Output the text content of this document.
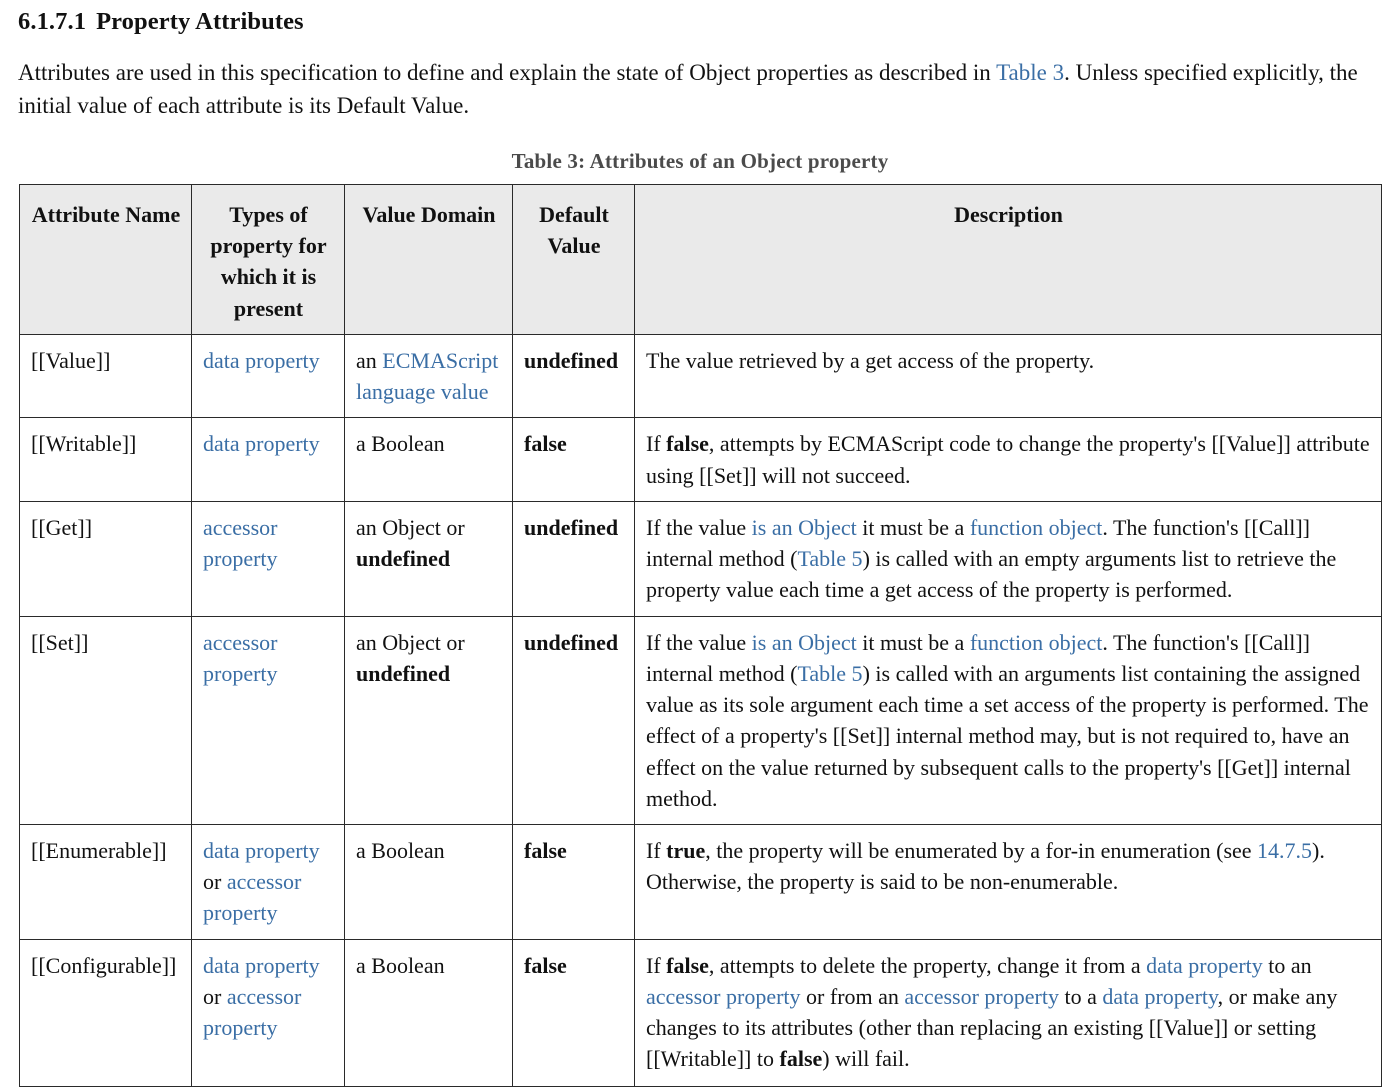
6.1.7.1 Property Attributes

Attributes are used in this specification to define and explain the state of Object properties as described in Table 3. Unless specified explicitly, the initial value of each attribute is its Default Value.

Table 3: Attributes of an Object property
Attribute Name	Types of property for which it is present	Value Domain	Default Value	Description
[[Value]]	data property	an ECMAScript language value	undefined	The value retrieved by a get access of the property.
[[Writable]]	data property	a Boolean	false	If false, attempts by ECMAScript code to change the property's [[Value]] attribute using [[Set]] will not succeed.
[[Get]]	accessor property	an Object or undefined	undefined	If the value is an Object it must be a function object. The function's [[Call]] internal method (Table 5) is called with an empty arguments list to retrieve the property value each time a get access of the property is performed.
[[Set]]	accessor property	an Object or undefined	undefined	If the value is an Object it must be a function object. The function's [[Call]] internal method (Table 5) is called with an arguments list containing the assigned value as its sole argument each time a set access of the property is performed. The effect of a property's [[Set]] internal method may, but is not required to, have an effect on the value returned by subsequent calls to the property's [[Get]] internal method.
[[Enumerable]]	data property or accessor property	a Boolean	false	If true, the property will be enumerated by a for-in enumeration (see 14.7.5). Otherwise, the property is said to be non-enumerable.
[[Configurable]]	data property or accessor property	a Boolean	false	If false, attempts to delete the property, change it from a data property to an accessor property or from an accessor property to a data property, or make any changes to its attributes (other than replacing an existing [[Value]] or setting [[Writable]] to false) will fail.
